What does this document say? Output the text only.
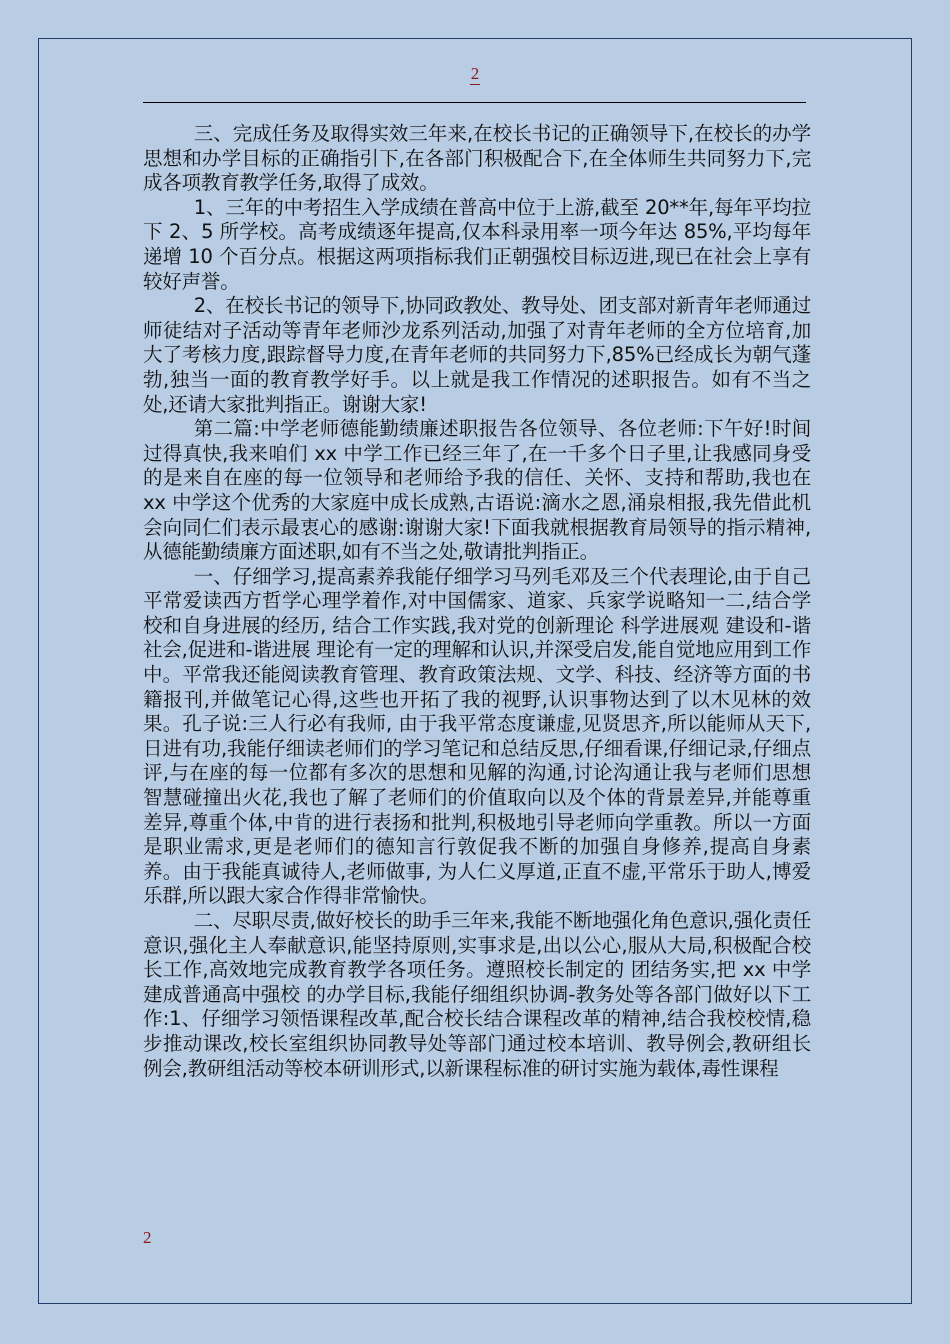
2

三、完成任务及取得实效三年来,在校长书记的正确领导下,在校长的办学思想和办学目标的正确指引下,在各部门积极配合下,在全体师生共同努力下,完成各项教育教学任务,取得了成效。

1、三年的中考招生入学成绩在普高中位于上游,截至 20**年,每年平均拉下 2、5 所学校。高考成绩逐年提高,仅本科录用率一项今年达 85%,平均每年递增 10 个百分点。根据这两项指标我们正朝强校目标迈进,现已在社会上享有较好声誉。

2、在校长书记的领导下,协同政教处、教导处、团支部对新青年老师通过师徒结对子活动等青年老师沙龙系列活动,加强了对青年老师的全方位培育,加大了考核力度,跟踪督导力度,在青年老师的共同努力下,85%已经成长为朝气蓬勃,独当一面的教育教学好手。以上就是我工作情况的述职报告。如有不当之处,还请大家批判指正。谢谢大家!

第二篇:中学老师德能勤绩廉述职报告各位领导、各位老师:下午好!时间过得真快,我来咱们 xx 中学工作已经三年了,在一千多个日子里,让我感同身受的是来自在座的每一位领导和老师给予我的信任、关怀、支持和帮助,我也在 xx 中学这个优秀的大家庭中成长成熟,古语说:滴水之恩,涌泉相报,我先借此机会向同仁们表示最衷心的感谢:谢谢大家!下面我就根据教育局领导的指示精神,从德能勤绩廉方面述职,如有不当之处,敬请批判指正。

一、仔细学习,提高素养我能仔细学习马列毛邓及三个代表理论,由于自己平常爱读西方哲学心理学着作,对中国儒家、道家、兵家学说略知一二,结合学校和自身进展的经历, 结合工作实践,我对党的创新理论 科学进展观 建设和-谐社会,促进和-谐进展 理论有一定的理解和认识,并深受启发,能自觉地应用到工作中。平常我还能阅读教育管理、教育政策法规、文学、科技、经济等方面的书籍报刊,并做笔记心得,这些也开拓了我的视野,认识事物达到了以木见林的效果。孔子说:三人行必有我师, 由于我平常态度谦虚,见贤思齐,所以能师从天下,日进有功,我能仔细读老师们的学习笔记和总结反思,仔细看课,仔细记录,仔细点评,与在座的每一位都有多次的思想和见解的沟通,讨论沟通让我与老师们思想智慧碰撞出火花,我也了解了老师们的价值取向以及个体的背景差异,并能尊重差异,尊重个体,中肯的进行表扬和批判,积极地引导老师向学重教。所以一方面是职业需求,更是老师们的德知言行敦促我不断的加强自身修养,提高自身素养。由于我能真诚待人,老师做事, 为人仁义厚道,正直不虚,平常乐于助人,博爱乐群,所以跟大家合作得非常愉快。

二、尽职尽责,做好校长的助手三年来,我能不断地强化角色意识,强化责任意识,强化主人奉献意识,能坚持原则,实事求是,出以公心,服从大局,积极配合校长工作,高效地完成教育教学各项任务。遵照校长制定的 团结务实,把 xx 中学建成普通高中强校 的办学目标,我能仔细组织协调-教务处等各部门做好以下工作:1、仔细学习领悟课程改革,配合校长结合课程改革的精神,结合我校校情,稳步推动课改,校长室组织协同教导处等部门通过校本培训、教导例会,教研组长例会,教研组活动等校本研训形式,以新课程标准的研讨实施为载体,毒性课程

2
